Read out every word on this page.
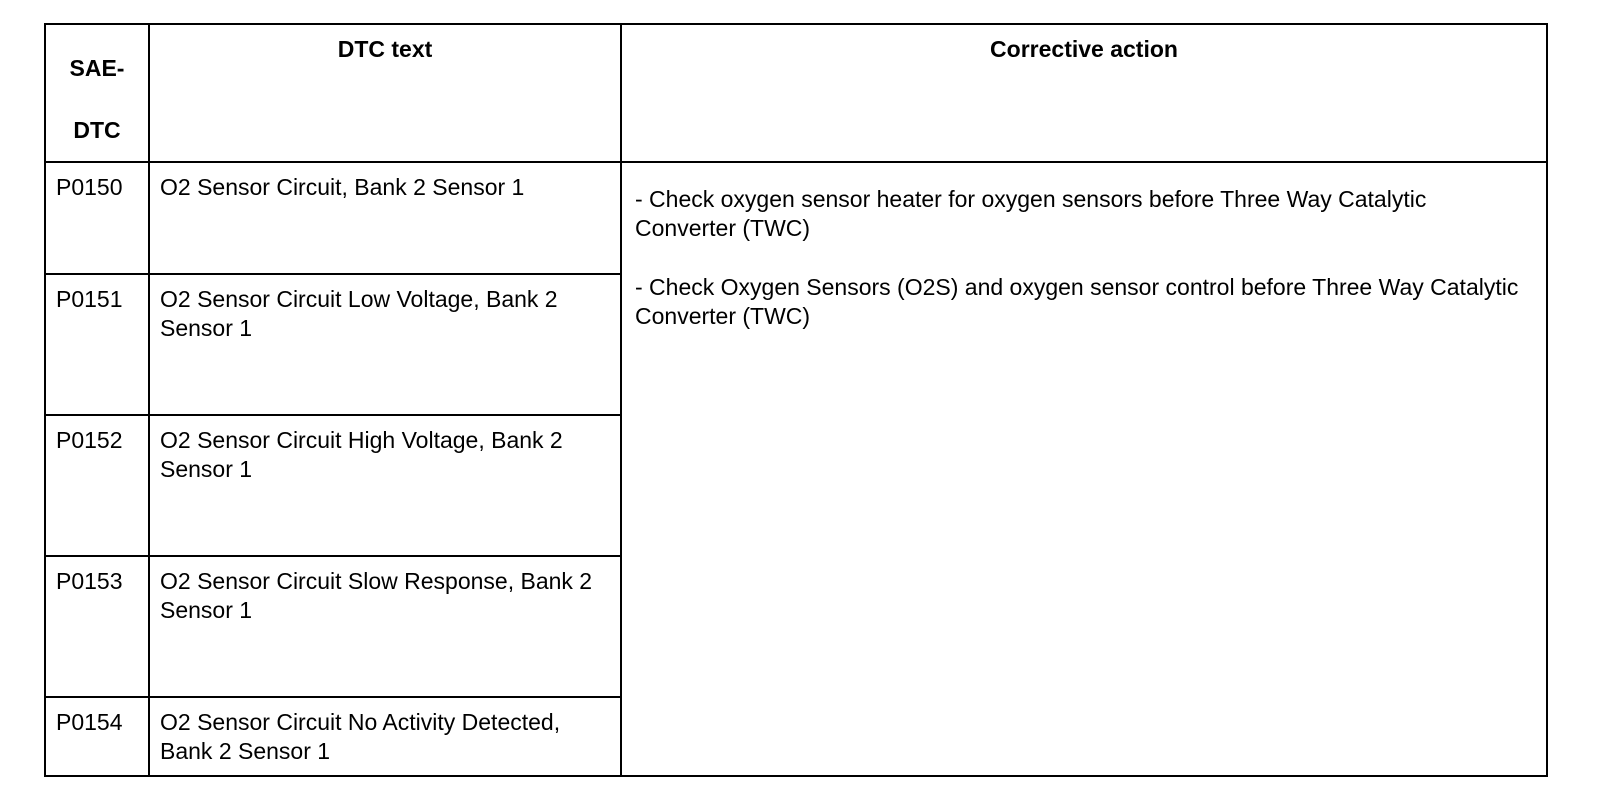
SAE-
DTC	DTC text	Corrective action

P0150	O2 Sensor Circuit, Bank 2 Sensor 1	- Check oxygen sensor heater for oxygen sensors before Three Way Catalytic Converter (TWC)
- Check Oxygen Sensors (O2S) and oxygen sensor control before Three Way Catalytic Converter (TWC)

P0151	O2 Sensor Circuit Low Voltage, Bank 2 Sensor 1	

P0152	O2 Sensor Circuit High Voltage, Bank 2 Sensor 1	

P0153	O2 Sensor Circuit Slow Response, Bank 2 Sensor 1	

P0154	O2 Sensor Circuit No Activity Detected, Bank 2 Sensor 1	
